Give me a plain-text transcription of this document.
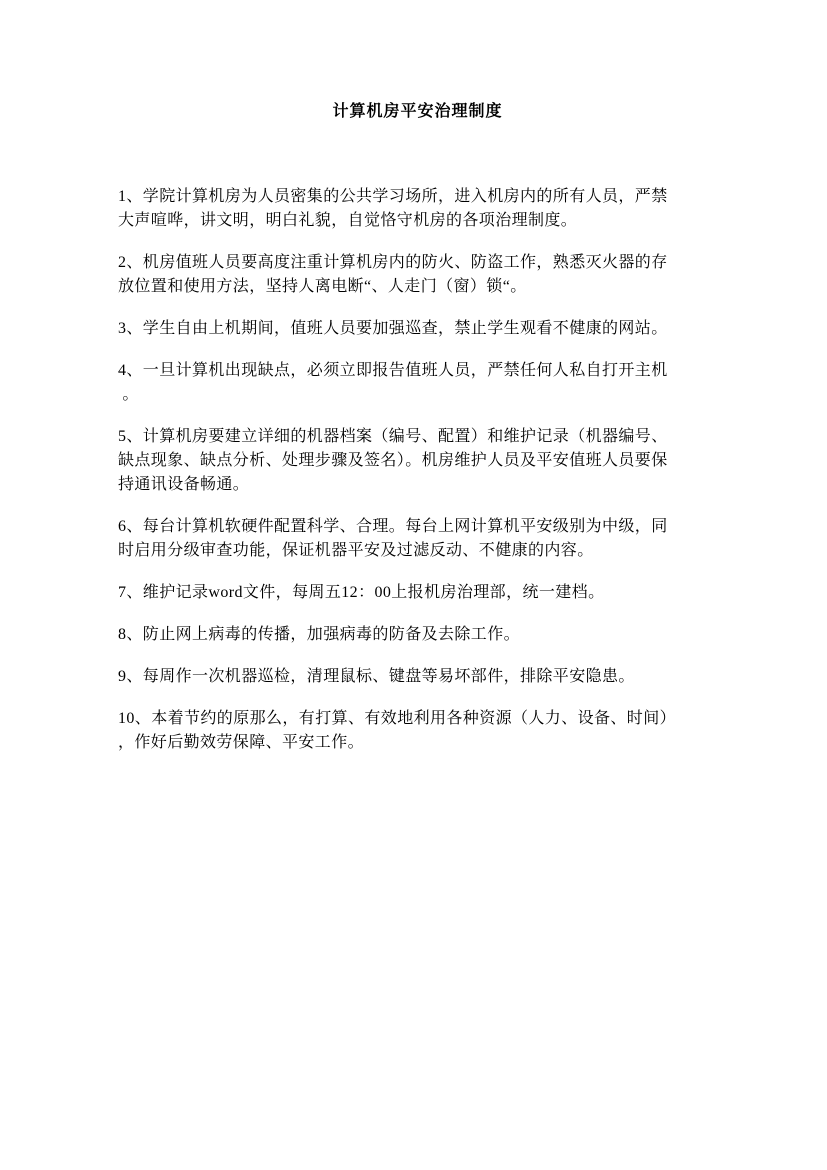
计算机房平安治理制度
1、学院计算机房为人员密集的公共学习场所，进入机房内的所有人员，严禁
大声喧哗，讲文明，明白礼貌，自觉恪守机房的各项治理制度。
2、机房值班人员要高度注重计算机房内的防火、防盗工作，熟悉灭火器的存
放位置和使用方法，坚持人离电断“、人走门（窗）锁“。
3、学生自由上机期间，值班人员要加强巡查，禁止学生观看不健康的网站。
4、一旦计算机出现缺点，必须立即报告值班人员，严禁任何人私自打开主机
。
5、计算机房要建立详细的机器档案（编号、配置）和维护记录（机器编号、
缺点现象、缺点分析、处理步骤及签名）。机房维护人员及平安值班人员要保
持通讯设备畅通。
6、每台计算机软硬件配置科学、合理。每台上网计算机平安级别为中级，同
时启用分级审查功能，保证机器平安及过滤反动、不健康的内容。
7、维护记录word文件，每周五12：00上报机房治理部，统一建档。
8、防止网上病毒的传播，加强病毒的防备及去除工作。
9、每周作一次机器巡检，清理鼠标、键盘等易坏部件，排除平安隐患。
10、本着节约的原那么，有打算、有效地利用各种资源（人力、设备、时间）
，作好后勤效劳保障、平安工作。
